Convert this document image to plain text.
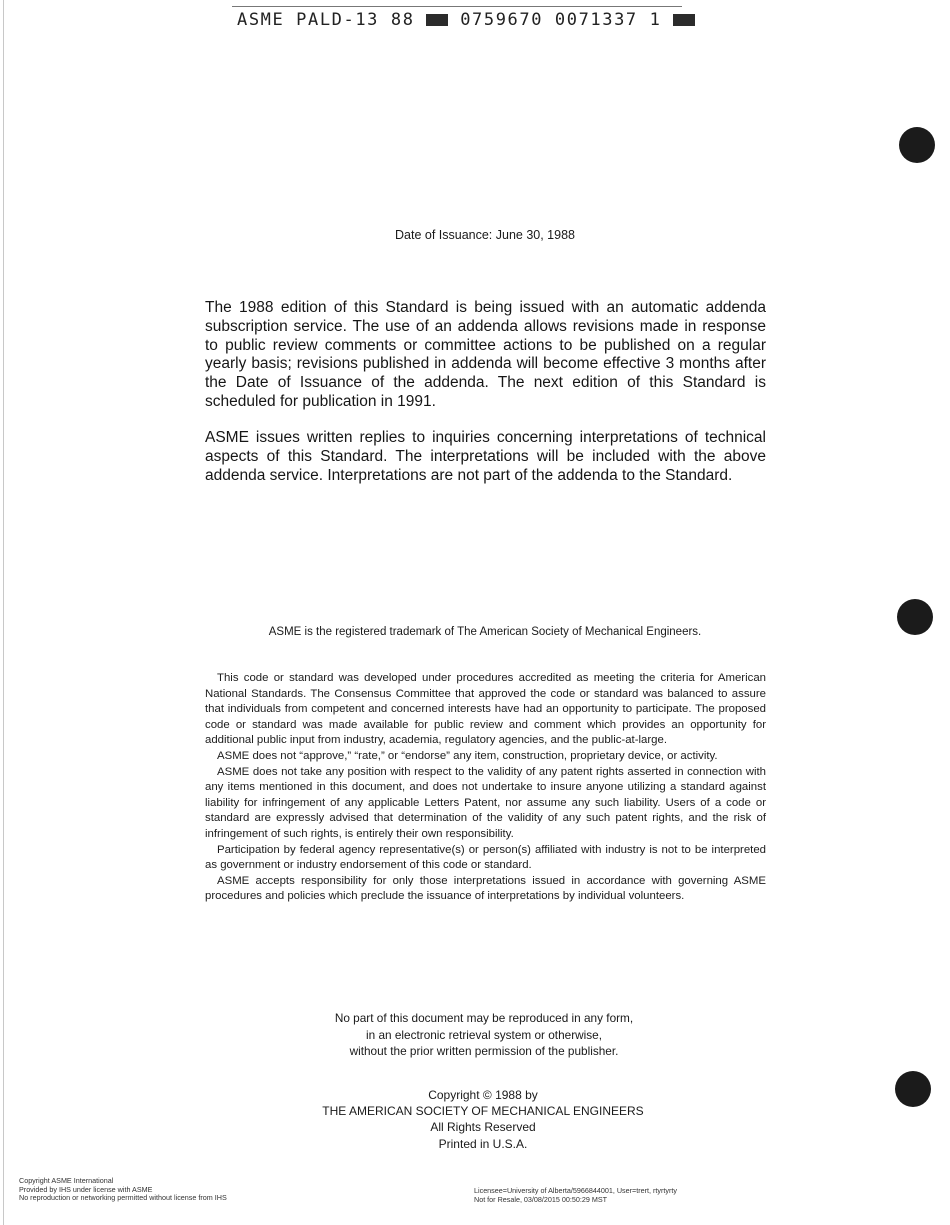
ASME PALD-13 88	0759670 0071337 1
Date of Issuance: June 30, 1988
The 1988 edition of this Standard is being issued with an automatic addenda subscription service. The use of an addenda allows revisions made in response to public review comments or committee actions to be published on a regular yearly basis; revisions published in addenda will become effective 3 months after the Date of Issuance of the addenda. The next edition of this Standard is scheduled for publication in 1991.
ASME issues written replies to inquiries concerning interpretations of technical aspects of this Standard. The interpretations will be included with the above addenda service. Interpretations are not part of the addenda to the Standard.
ASME is the registered trademark of The American Society of Mechanical Engineers.

This code or standard was developed under procedures accredited as meeting the criteria for American National Standards. The Consensus Committee that approved the code or standard was balanced to assure that individuals from competent and concerned interests have had an opportunity to participate. The proposed code or standard was made available for public review and comment which provides an opportunity for additional public input from industry, academia, regulatory agencies, and the public-at-large.

ASME does not “approve,” “rate,” or “endorse” any item, construction, proprietary device, or activity.

ASME does not take any position with respect to the validity of any patent rights asserted in connection with any items mentioned in this document, and does not undertake to insure anyone utilizing a standard against liability for infringement of any applicable Letters Patent, nor assume any such liability. Users of a code or standard are expressly advised that determination of the validity of any such patent rights, and the risk of infringement of such rights, is entirely their own responsibility.

Participation by federal agency representative(s) or person(s) affiliated with industry is not to be interpreted as government or industry endorsement of this code or standard.

ASME accepts responsibility for only those interpretations issued in accordance with governing ASME procedures and policies which preclude the issuance of interpretations by individual volunteers.

No part of this document may be reproduced in any form,
in an electronic retrieval system or otherwise,
without the prior written permission of the publisher.
Copyright © 1988 by
THE AMERICAN SOCIETY OF MECHANICAL ENGINEERS
All Rights Reserved
Printed in U.S.A.
Copyright ASME International
Provided by IHS under license with ASME
No reproduction or networking permitted without license from IHS
Licensee=University of Alberta/5966844001, User=trert, rtyrtyrty
Not for Resale, 03/08/2015 00:50:29 MST
